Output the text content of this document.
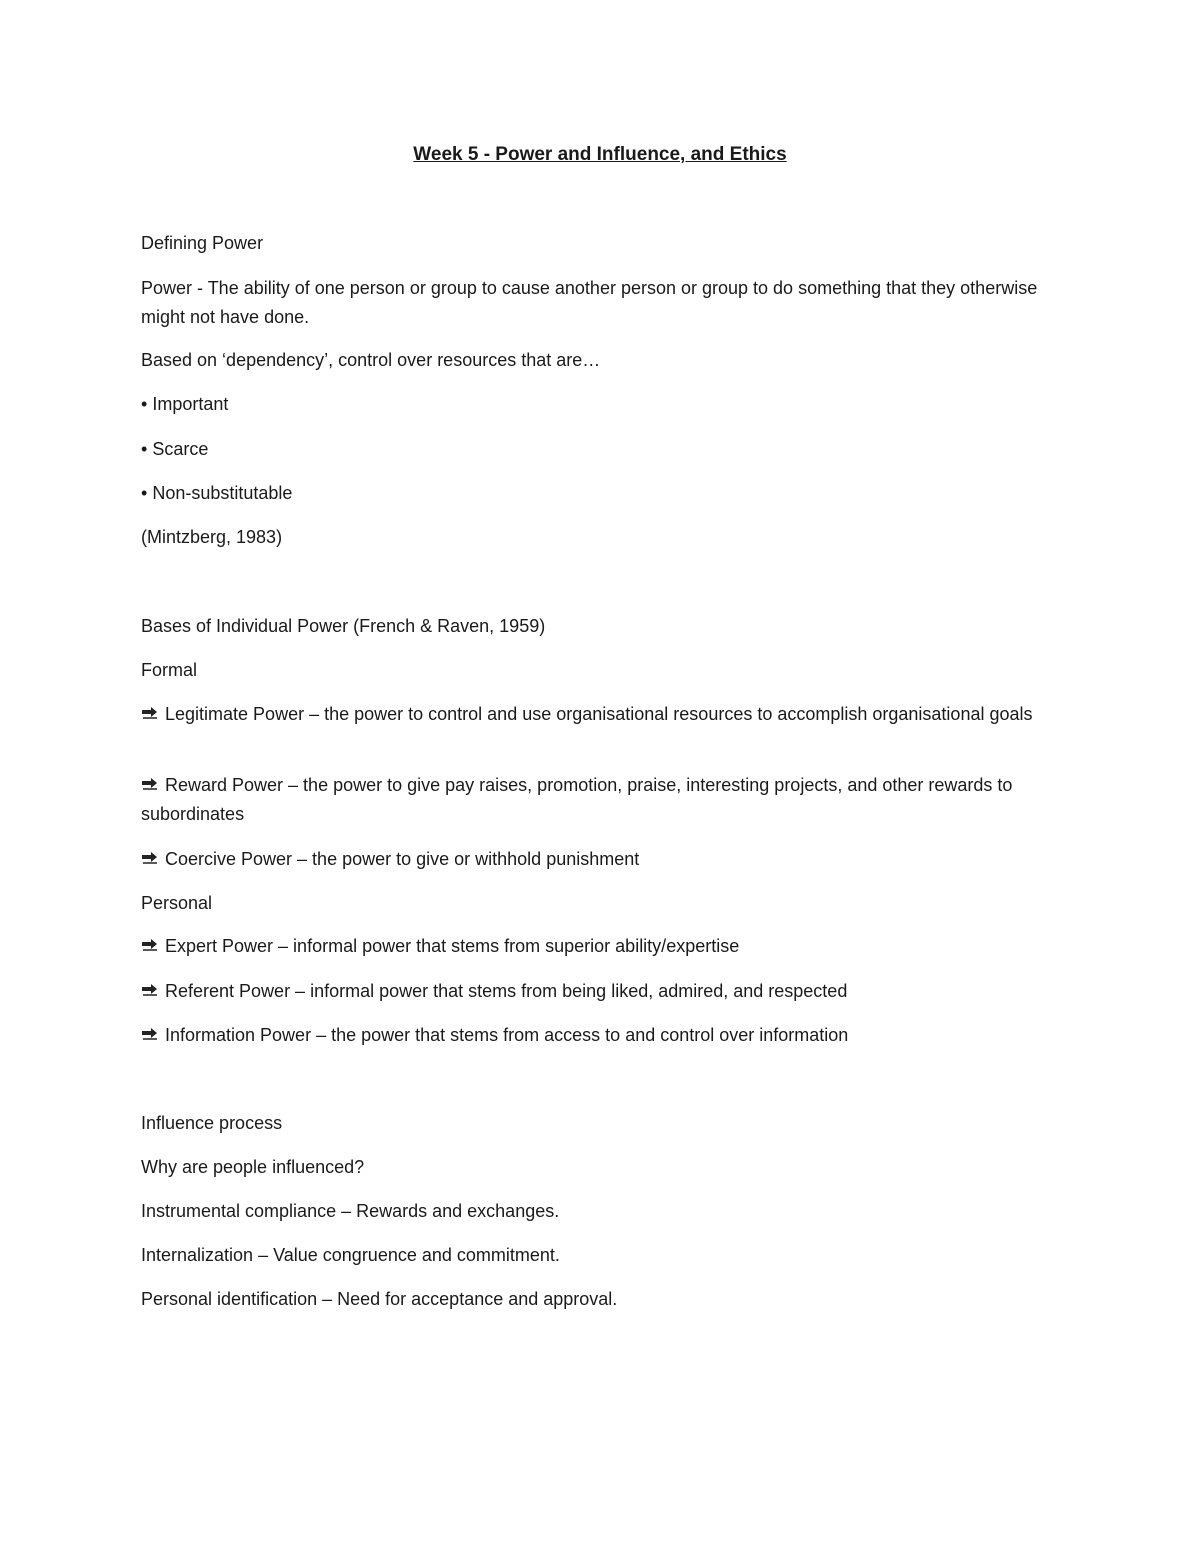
Week 5 - Power and Influence, and Ethics
Defining Power
Power - The ability of one person or group to cause another person or group to do something that they otherwise might not have done.
Based on ‘dependency’, control over resources that are…
• Important
• Scarce
• Non-substitutable
(Mintzberg, 1983)
Bases of Individual Power (French & Raven, 1959)
Formal
Legitimate Power – the power to control and use organisational resources to accomplish organisational goals
Reward Power – the power to give pay raises, promotion, praise, interesting projects, and other rewards to subordinates
Coercive Power – the power to give or withhold punishment
Personal
Expert Power – informal power that stems from superior ability/expertise
Referent Power – informal power that stems from being liked, admired, and respected
Information Power – the power that stems from access to and control over information
Influence process
Why are people influenced?
Instrumental compliance – Rewards and exchanges.
Internalization – Value congruence and commitment.
Personal identification – Need for acceptance and approval.
